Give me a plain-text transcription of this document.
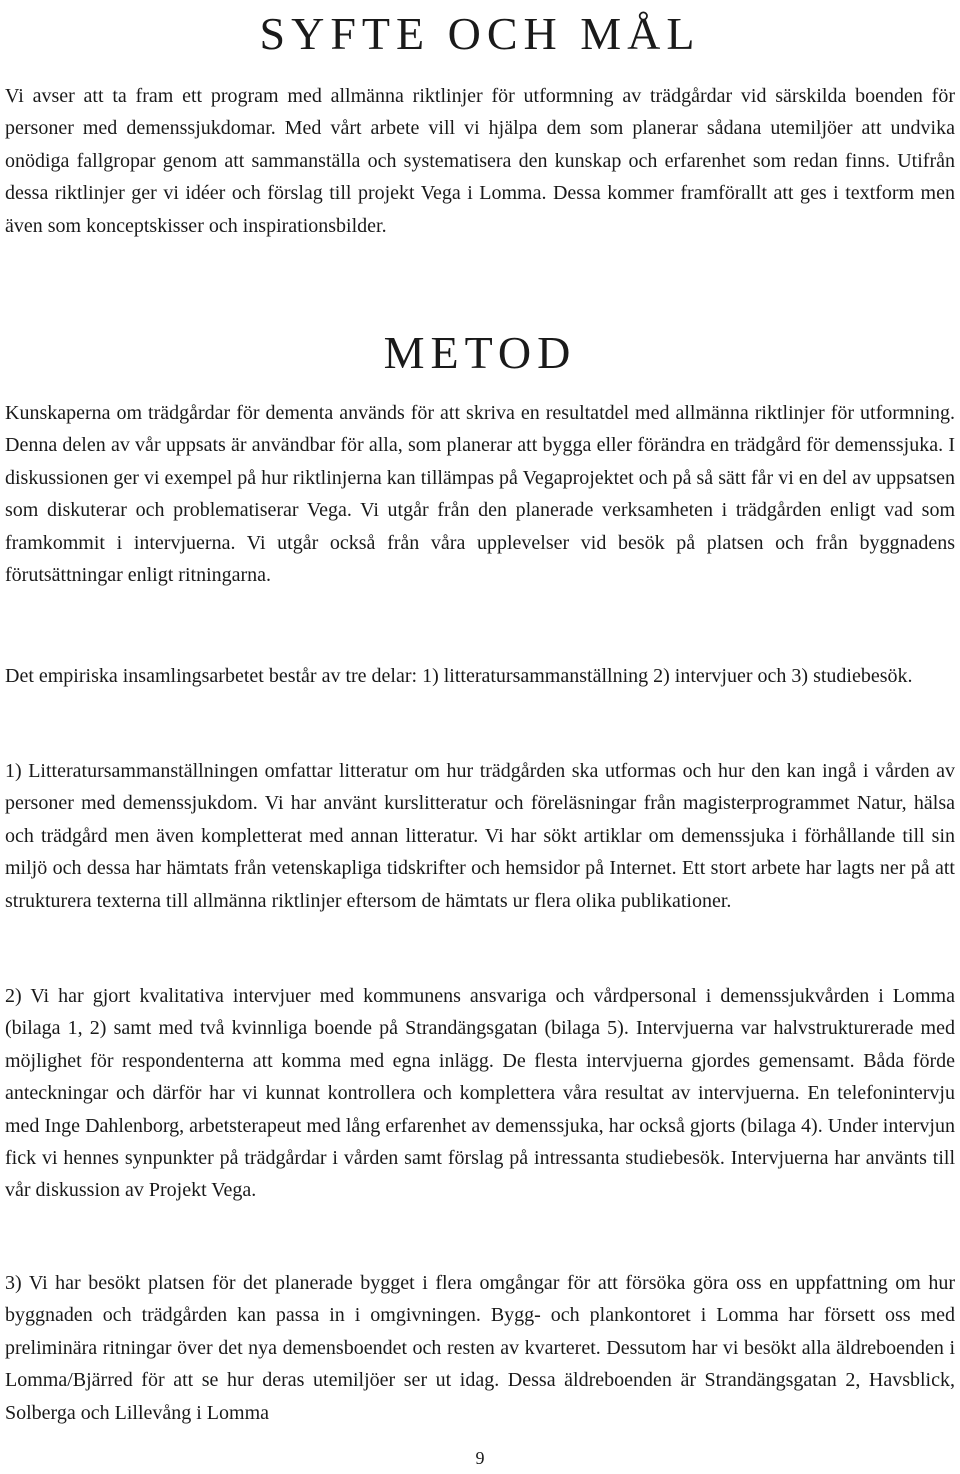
SYFTE OCH MÅL

Vi avser att ta fram ett program med allmänna riktlinjer för utformning av trädgårdar vid särskilda boenden för personer med demenssjukdomar. Med vårt arbete vill vi hjälpa dem som planerar sådana utemiljöer att undvika onödiga fallgropar genom att sammanställa och systematisera den kunskap och erfarenhet som redan finns. Utifrån dessa riktlinjer ger vi idéer och förslag till projekt Vega i Lomma. Dessa kommer framförallt att ges i textform men även som konceptskisser och inspirationsbilder.

METOD

Kunskaperna om trädgårdar för dementa används för att skriva en resultatdel med allmänna riktlinjer för utformning. Denna delen av vår uppsats är användbar för alla, som planerar att bygga eller förändra en trädgård för demenssjuka. I diskussionen ger vi exempel på hur riktlinjerna kan tillämpas på Vegaprojektet och på så sätt får vi en del av uppsatsen som diskuterar och problematiserar Vega. Vi utgår från den planerade verksamheten i trädgården enligt vad som framkommit i intervjuerna. Vi utgår också från våra upplevelser vid besök på platsen och från byggnadens förutsättningar enligt ritningarna.

Det empiriska insamlingsarbetet består av tre delar: 1) litteratursammanställning 2) intervjuer och 3) studiebesök.

1) Litteratursammanställningen omfattar litteratur om hur trädgården ska utformas och hur den kan ingå i vården av personer med demenssjukdom. Vi har använt kurslitteratur och föreläsningar från magisterprogrammet Natur, hälsa och trädgård men även kompletterat med annan litteratur. Vi har sökt artiklar om demenssjuka i förhållande till sin miljö och dessa har hämtats från vetenskapliga tidskrifter och hemsidor på Internet. Ett stort arbete har lagts ner på att strukturera texterna till allmänna riktlinjer eftersom de hämtats ur flera olika publikationer.

2) Vi har gjort kvalitativa intervjuer med kommunens ansvariga och vårdpersonal i demenssjukvården i Lomma (bilaga 1, 2) samt med två kvinnliga boende på Strandängsgatan (bilaga 5). Intervjuerna var halvstrukturerade med möjlighet för respondenterna att komma med egna inlägg. De flesta intervjuerna gjordes gemensamt. Båda förde anteckningar och därför har vi kunnat kontrollera och komplettera våra resultat av intervjuerna. En telefonintervju med Inge Dahlenborg, arbetsterapeut med lång erfarenhet av demenssjuka, har också gjorts (bilaga 4). Under intervjun fick vi hennes synpunkter på trädgårdar i vården samt förslag på intressanta studiebesök. Intervjuerna har använts till vår diskussion av Projekt Vega.

3) Vi har besökt platsen för det planerade bygget i flera omgångar för att försöka göra oss en uppfattning om hur byggnaden och trädgården kan passa in i omgivningen. Bygg- och plankontoret i Lomma har försett oss med preliminära ritningar över det nya demensboendet och resten av kvarteret. Dessutom har vi besökt alla äldreboenden i Lomma/Bjärred för att se hur deras utemiljöer ser ut idag. Dessa äldreboenden är Strandängsgatan 2, Havsblick, Solberga och Lillevång i Lomma

9
